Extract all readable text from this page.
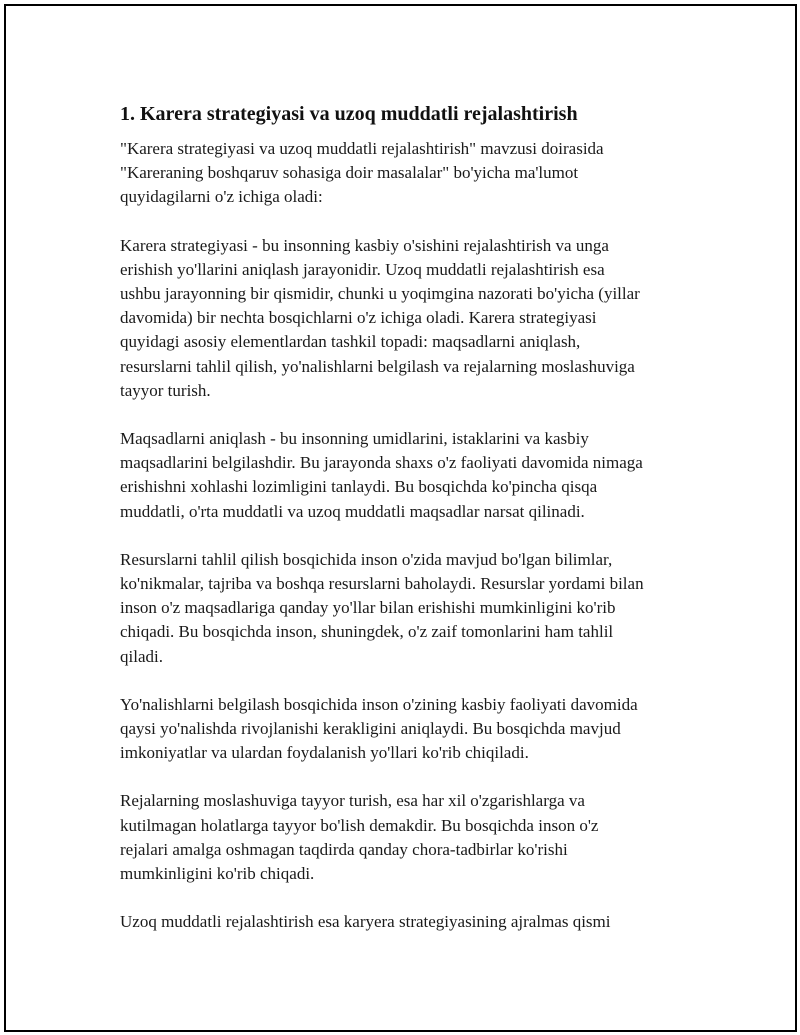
1. Karera strategiyasi va uzoq muddatli rejalashtirish

"Karera strategiyasi va uzoq muddatli rejalashtirish" mavzusi doirasida
"Kareraning boshqaruv sohasiga doir masalalar" bo'yicha ma'lumot
quyidagilarni o'z ichiga oladi:

Karera strategiyasi - bu insonning kasbiy o'sishini rejalashtirish va unga
erishish yo'llarini aniqlash jarayonidir. Uzoq muddatli rejalashtirish esa
ushbu jarayonning bir qismidir, chunki u yoqimgina nazorati bo'yicha (yillar
davomida) bir nechta bosqichlarni o'z ichiga oladi. Karera strategiyasi
quyidagi asosiy elementlardan tashkil topadi: maqsadlarni aniqlash,
resurslarni tahlil qilish, yo'nalishlarni belgilash va rejalarning moslashuviga
tayyor turish.

Maqsadlarni aniqlash - bu insonning umidlarini, istaklarini va kasbiy
maqsadlarini belgilashdir. Bu jarayonda shaxs o'z faoliyati davomida nimaga
erishishni xohlashi lozimligini tanlaydi. Bu bosqichda ko'pincha qisqa
muddatli, o'rta muddatli va uzoq muddatli maqsadlar narsat qilinadi.

Resurslarni tahlil qilish bosqichida inson o'zida mavjud bo'lgan bilimlar,
ko'nikmalar, tajriba va boshqa resurslarni baholaydi. Resurslar yordami bilan
inson o'z maqsadlariga qanday yo'llar bilan erishishi mumkinligini ko'rib
chiqadi. Bu bosqichda inson, shuningdek, o'z zaif tomonlarini ham tahlil
qiladi.

Yo'nalishlarni belgilash bosqichida inson o'zining kasbiy faoliyati davomida
qaysi yo'nalishda rivojlanishi kerakligini aniqlaydi. Bu bosqichda mavjud
imkoniyatlar va ulardan foydalanish yo'llari ko'rib chiqiladi.

Rejalarning moslashuviga tayyor turish, esa har xil o'zgarishlarga va
kutilmagan holatlarga tayyor bo'lish demakdir. Bu bosqichda inson o'z
rejalari amalga oshmagan taqdirda qanday chora-tadbirlar ko'rishi
mumkinligini ko'rib chiqadi.

Uzoq muddatli rejalashtirish esa karyera strategiyasining ajralmas qismi
